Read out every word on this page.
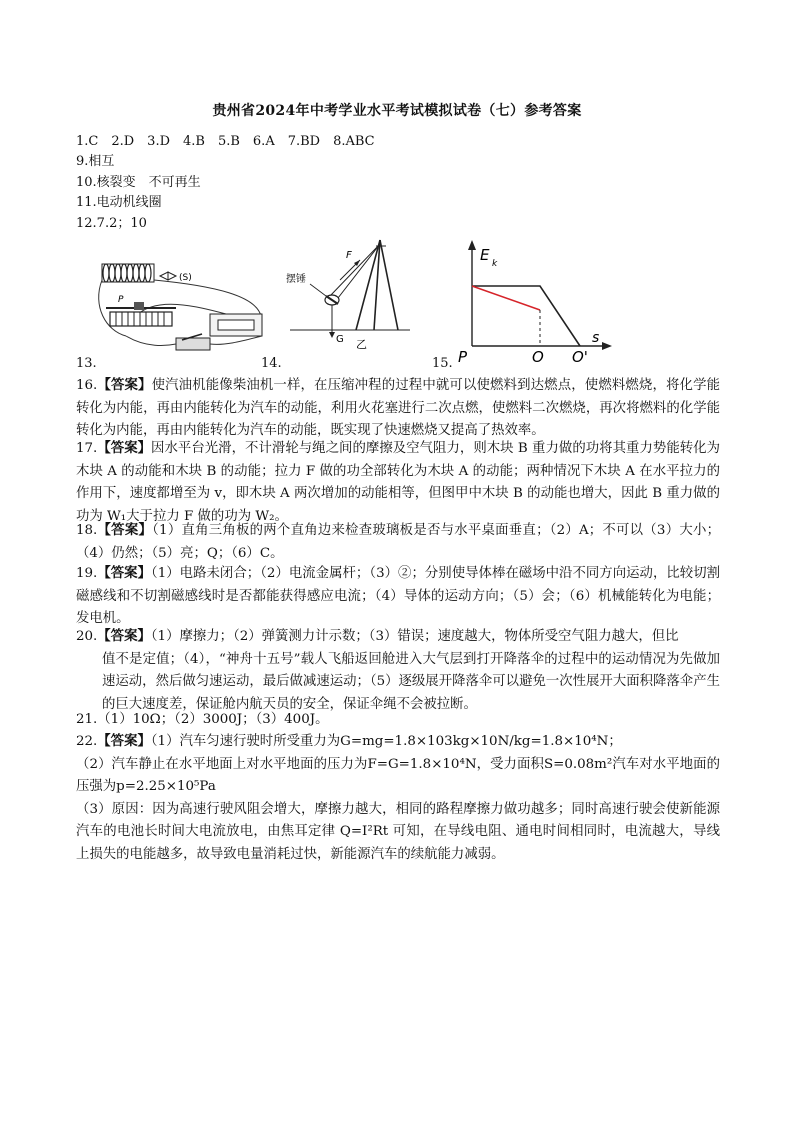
贵州省2024年中考学业水平考试模拟试卷（七）参考答案
1.C　2.D　3.D　4.B　5.B　6.A　7.BD　8.ABC
9.相互
10.核裂变　不可再生
11.电动机线圈
12.7.2；10
13.
(S)
P
14.
F
摆锤
G 乙
15.
E k
P	O O'
s
16.【答案】使汽油机能像柴油机一样，在压缩冲程的过程中就可以使燃料到达燃点，使燃料燃烧，将化学能转化为内能，再由内能转化为汽车的动能，利用火花塞进行二次点燃，使燃料二次燃烧，再次将燃料的化学能转化为内能，再由内能转化为汽车的动能，既实现了快速燃烧又提高了热效率。
17.【答案】因水平台光滑，不计滑轮与绳之间的摩擦及空气阻力，则木块 B 重力做的功将其重力势能转化为木块 A 的动能和木块 B 的动能；拉力 F 做的功全部转化为木块 A 的动能；两种情况下木块 A 在水平拉力的作用下，速度都增至为 v，即木块 A 两次增加的动能相等，但图甲中木块 B 的动能也增大，因此 B 重力做的功为 W₁大于拉力 F 做的功为 W₂。
18.【答案】（1）直角三角板的两个直角边来检查玻璃板是否与水平桌面垂直；（2）A；不可以（3）大小；（4）仍然；（5）亮；Q；（6）C。
19.【答案】（1）电路未闭合；（2）电流金属杆；（3）②；分别使导体棒在磁场中沿不同方向运动，比较切割磁感线和不切割磁感线时是否都能获得感应电流；（4）导体的运动方向；（5）会；（6）机械能转化为电能；发电机。
20.【答案】（1）摩擦力；（2）弹簧测力计示数；（3）错误；速度越大，物体所受空气阻力越大，但比
值不是定值；（4），“神舟十五号”载人飞船返回舱进入大气层到打开降落伞的过程中的运动情况为先做加速运动，然后做匀速运动，最后做减速运动；（5）逐级展开降落伞可以避免一次性展开大面积降落伞产生的巨大速度差，保证舱内航天员的安全，保证伞绳不会被拉断。
21.（1）10Ω；（2）3000J；（3）400J。
22.【答案】（1）汽车匀速行驶时所受重力为G=mg=1.8×103kg×10N/kg=1.8×10⁴N；
（2）汽车静止在水平地面上对水平地面的压力为F=G=1.8×10⁴N，受力面积S=0.08m²汽车对水平地面的压强为p=2.25×10⁵Pa
（3）原因：因为高速行驶风阻会增大，摩擦力越大，相同的路程摩擦力做功越多；同时高速行驶会使新能源汽车的电池长时间大电流放电，由焦耳定律 Q=I²Rt 可知，在导线电阻、通电时间相同时，电流越大，导线上损失的电能越多，故导致电量消耗过快，新能源汽车的续航能力减弱。
